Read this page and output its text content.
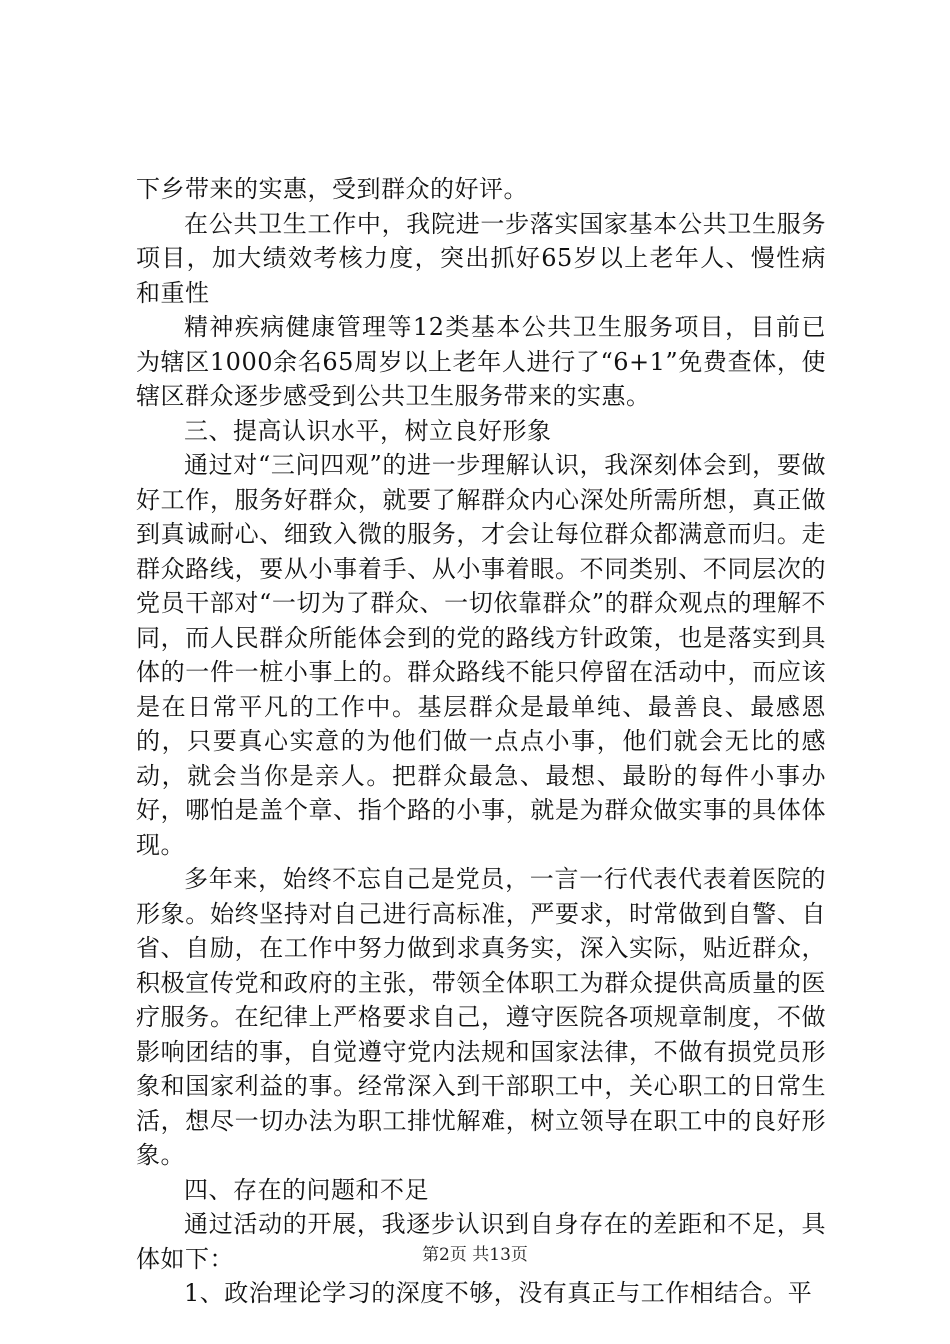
下乡带来的实惠，受到群众的好评。

在公共卫生工作中，我院进一步落实国家基本公共卫生服务项目，加大绩效考核力度，突出抓好65岁以上老年人、慢性病和重性

精神疾病健康管理等12类基本公共卫生服务项目，目前已为辖区1000余名65周岁以上老年人进行了“6+1”免费查体，使辖区群众逐步感受到公共卫生服务带来的实惠。

三、提高认识水平，树立良好形象

通过对“三问四观”的进一步理解认识，我深刻体会到，要做好工作，服务好群众，就要了解群众内心深处所需所想，真正做到真诚耐心、细致入微的服务，才会让每位群众都满意而归。走群众路线，要从小事着手、从小事着眼。不同类别、不同层次的党员干部对“一切为了群众、一切依靠群众”的群众观点的理解不同，而人民群众所能体会到的党的路线方针政策，也是落实到具体的一件一桩小事上的。群众路线不能只停留在活动中，而应该是在日常平凡的工作中。基层群众是最单纯、最善良、最感恩的，只要真心实意的为他们做一点点小事，他们就会无比的感动，就会当你是亲人。把群众最急、最想、最盼的每件小事办好，哪怕是盖个章、指个路的小事，就是为群众做实事的具体体现。

多年来，始终不忘自己是党员，一言一行代表代表着医院的形象。始终坚持对自己进行高标准，严要求，时常做到自警、自省、自励，在工作中努力做到求真务实，深入实际，贴近群众，积极宣传党和政府的主张，带领全体职工为群众提供高质量的医疗服务。在纪律上严格要求自己，遵守医院各项规章制度，不做影响团结的事，自觉遵守党内法规和国家法律，不做有损党员形象和国家利益的事。经常深入到干部职工中，关心职工的日常生活，想尽一切办法为职工排忧解难，树立领导在职工中的良好形象。

四、存在的问题和不足

通过活动的开展，我逐步认识到自身存在的差距和不足，具体如下：

1、政治理论学习的深度不够，没有真正与工作相结合。平

第2页 共13页
